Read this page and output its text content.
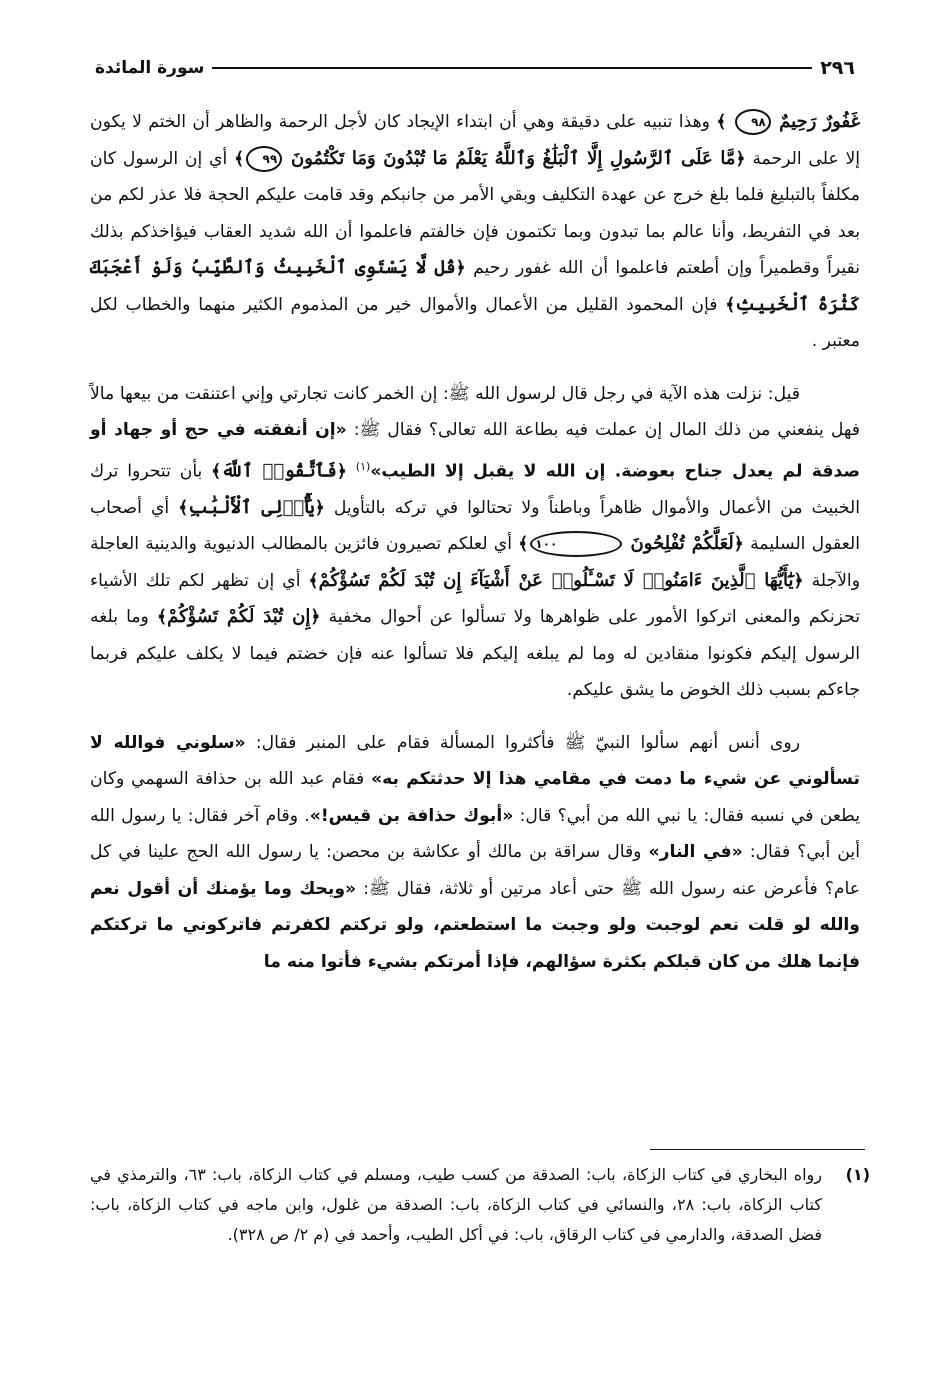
٢٩٦
سورة المائدة

غَفُورٌ رَحِيمٌ ٩٨ ﴾ وهذا تنبيه على دقيقة وهي أن ابتداء الإيجاد كان لأجل الرحمة والظاهر أن الختم لا يكون إلا على الرحمة ﴿مَّا عَلَى ٱلرَّسُولِ إِلَّا ٱلْبَلَٰغُ وَٱللَّهُ يَعْلَمُ مَا تُبْدُونَ وَمَا تَكْتُمُونَ ٩٩﴾ أي إن الرسول كان مكلفاً بالتبليغ فلما بلغ خرج عن عهدة التكليف وبقي الأمر من جانبكم وقد قامت عليكم الحجة فلا عذر لكم من بعد في التفريط، وأنا عالم بما تبدون وبما تكتمون فإن خالفتم فاعلموا أن الله شديد العقاب فيؤاخذكم بذلك نقيراً وقطميراً وإن أطعتم فاعلموا أن الله غفور رحيم ﴿قُل لَّا يَسْتَوِى ٱلْخَبِيثُ وَٱلطَّيِّبُ وَلَوْ أَعْجَبَكَ كَثْرَةُ ٱلْخَبِيثِ﴾ فإن المحمود القليل من الأعمال والأموال خير من المذموم الكثير منهما والخطاب لكل معتبر .

قيل: نزلت هذه الآية في رجل قال لرسول الله ﷺ: إن الخمر كانت تجارتي وإني اعتنقت من بيعها مالاً فهل ينفعني من ذلك المال إن عملت فيه بطاعة الله تعالى؟ فقال ﷺ: «إن أنفقته في حج أو جهاد أو صدقة لم يعدل جناح بعوضة. إن الله لا يقبل إلا الطيب»$^{(١)}$ ﴿فَٱتَّقُوا۟ ٱللَّهَ﴾ بأن تتحروا ترك الخبيث من الأعمال والأموال ظاهراً وباطناً ولا تحتالوا في تركه بالتأويل ﴿يَٰٓأُو۟لِى ٱلْأَلْبَٰبِ﴾ أي أصحاب العقول السليمة ﴿لَعَلَّكُمْ تُفْلِحُونَ ١٠٠﴾ أي لعلكم تصيرون فائزين بالمطالب الدنيوية والدينية العاجلة والآجلة ﴿يَٰٓأَيُّهَا ٱلَّذِينَ ءَامَنُوا۟ لَا تَسْـَٔلُوا۟ عَنْ أَشْيَآءَ إِن تُبْدَ لَكُمْ تَسُؤْكُمْ﴾ أي إن تظهر لكم تلك الأشياء تحزنكم والمعنى اتركوا الأمور على ظواهرها ولا تسألوا عن أحوال مخفية ﴿إِن تُبْدَ لَكُمْ تَسُؤْكُمْ﴾ وما بلغه الرسول إليكم فكونوا منقادين له وما لم يبلغه إليكم فلا تسألوا عنه فإن خضتم فيما لا يكلف عليكم فربما جاءكم بسبب ذلك الخوض ما يشق عليكم.

روى أنس أنهم سألوا النبيّ ﷺ فأكثروا المسألة فقام على المنبر فقال: «سلوني فوالله لا تسألوني عن شيء ما دمت في مقامي هذا إلا حدثتكم به» فقام عبد الله بن حذافة السهمي وكان يطعن في نسبه فقال: يا نبي الله من أبي؟ قال: «أبوك حذافة بن قيس!». وقام آخر فقال: يا رسول الله أين أبي؟ فقال: «في النار» وقال سراقة بن مالك أو عكاشة بن محصن: يا رسول الله الحج علينا في كل عام؟ فأعرض عنه رسول الله ﷺ حتى أعاد مرتين أو ثلاثة، فقال ﷺ: «ويحك وما يؤمنك أن أقول نعم والله لو قلت نعم لوجبت ولو وجبت ما استطعتم، ولو تركتم لكفرتم فاتركوني ما تركتكم فإنما هلك من كان قبلكم بكثرة سؤالهم، فإذا أمرتكم بشيء فأتوا منه ما

(١)
رواه البخاري في كتاب الزكاة، باب: الصدقة من كسب طيب، ومسلم في كتاب الزكاة، باب: ٦٣، والترمذي في كتاب الزكاة، باب: ٢٨، والنسائي في كتاب الزكاة، باب: الصدقة من غلول، وابن ماجه في كتاب الزكاة، باب: فضل الصدقة، والدارمي في كتاب الرقاق، باب: في أكل الطيب، وأحمد في (م ٢/ ص ٣٢٨).
